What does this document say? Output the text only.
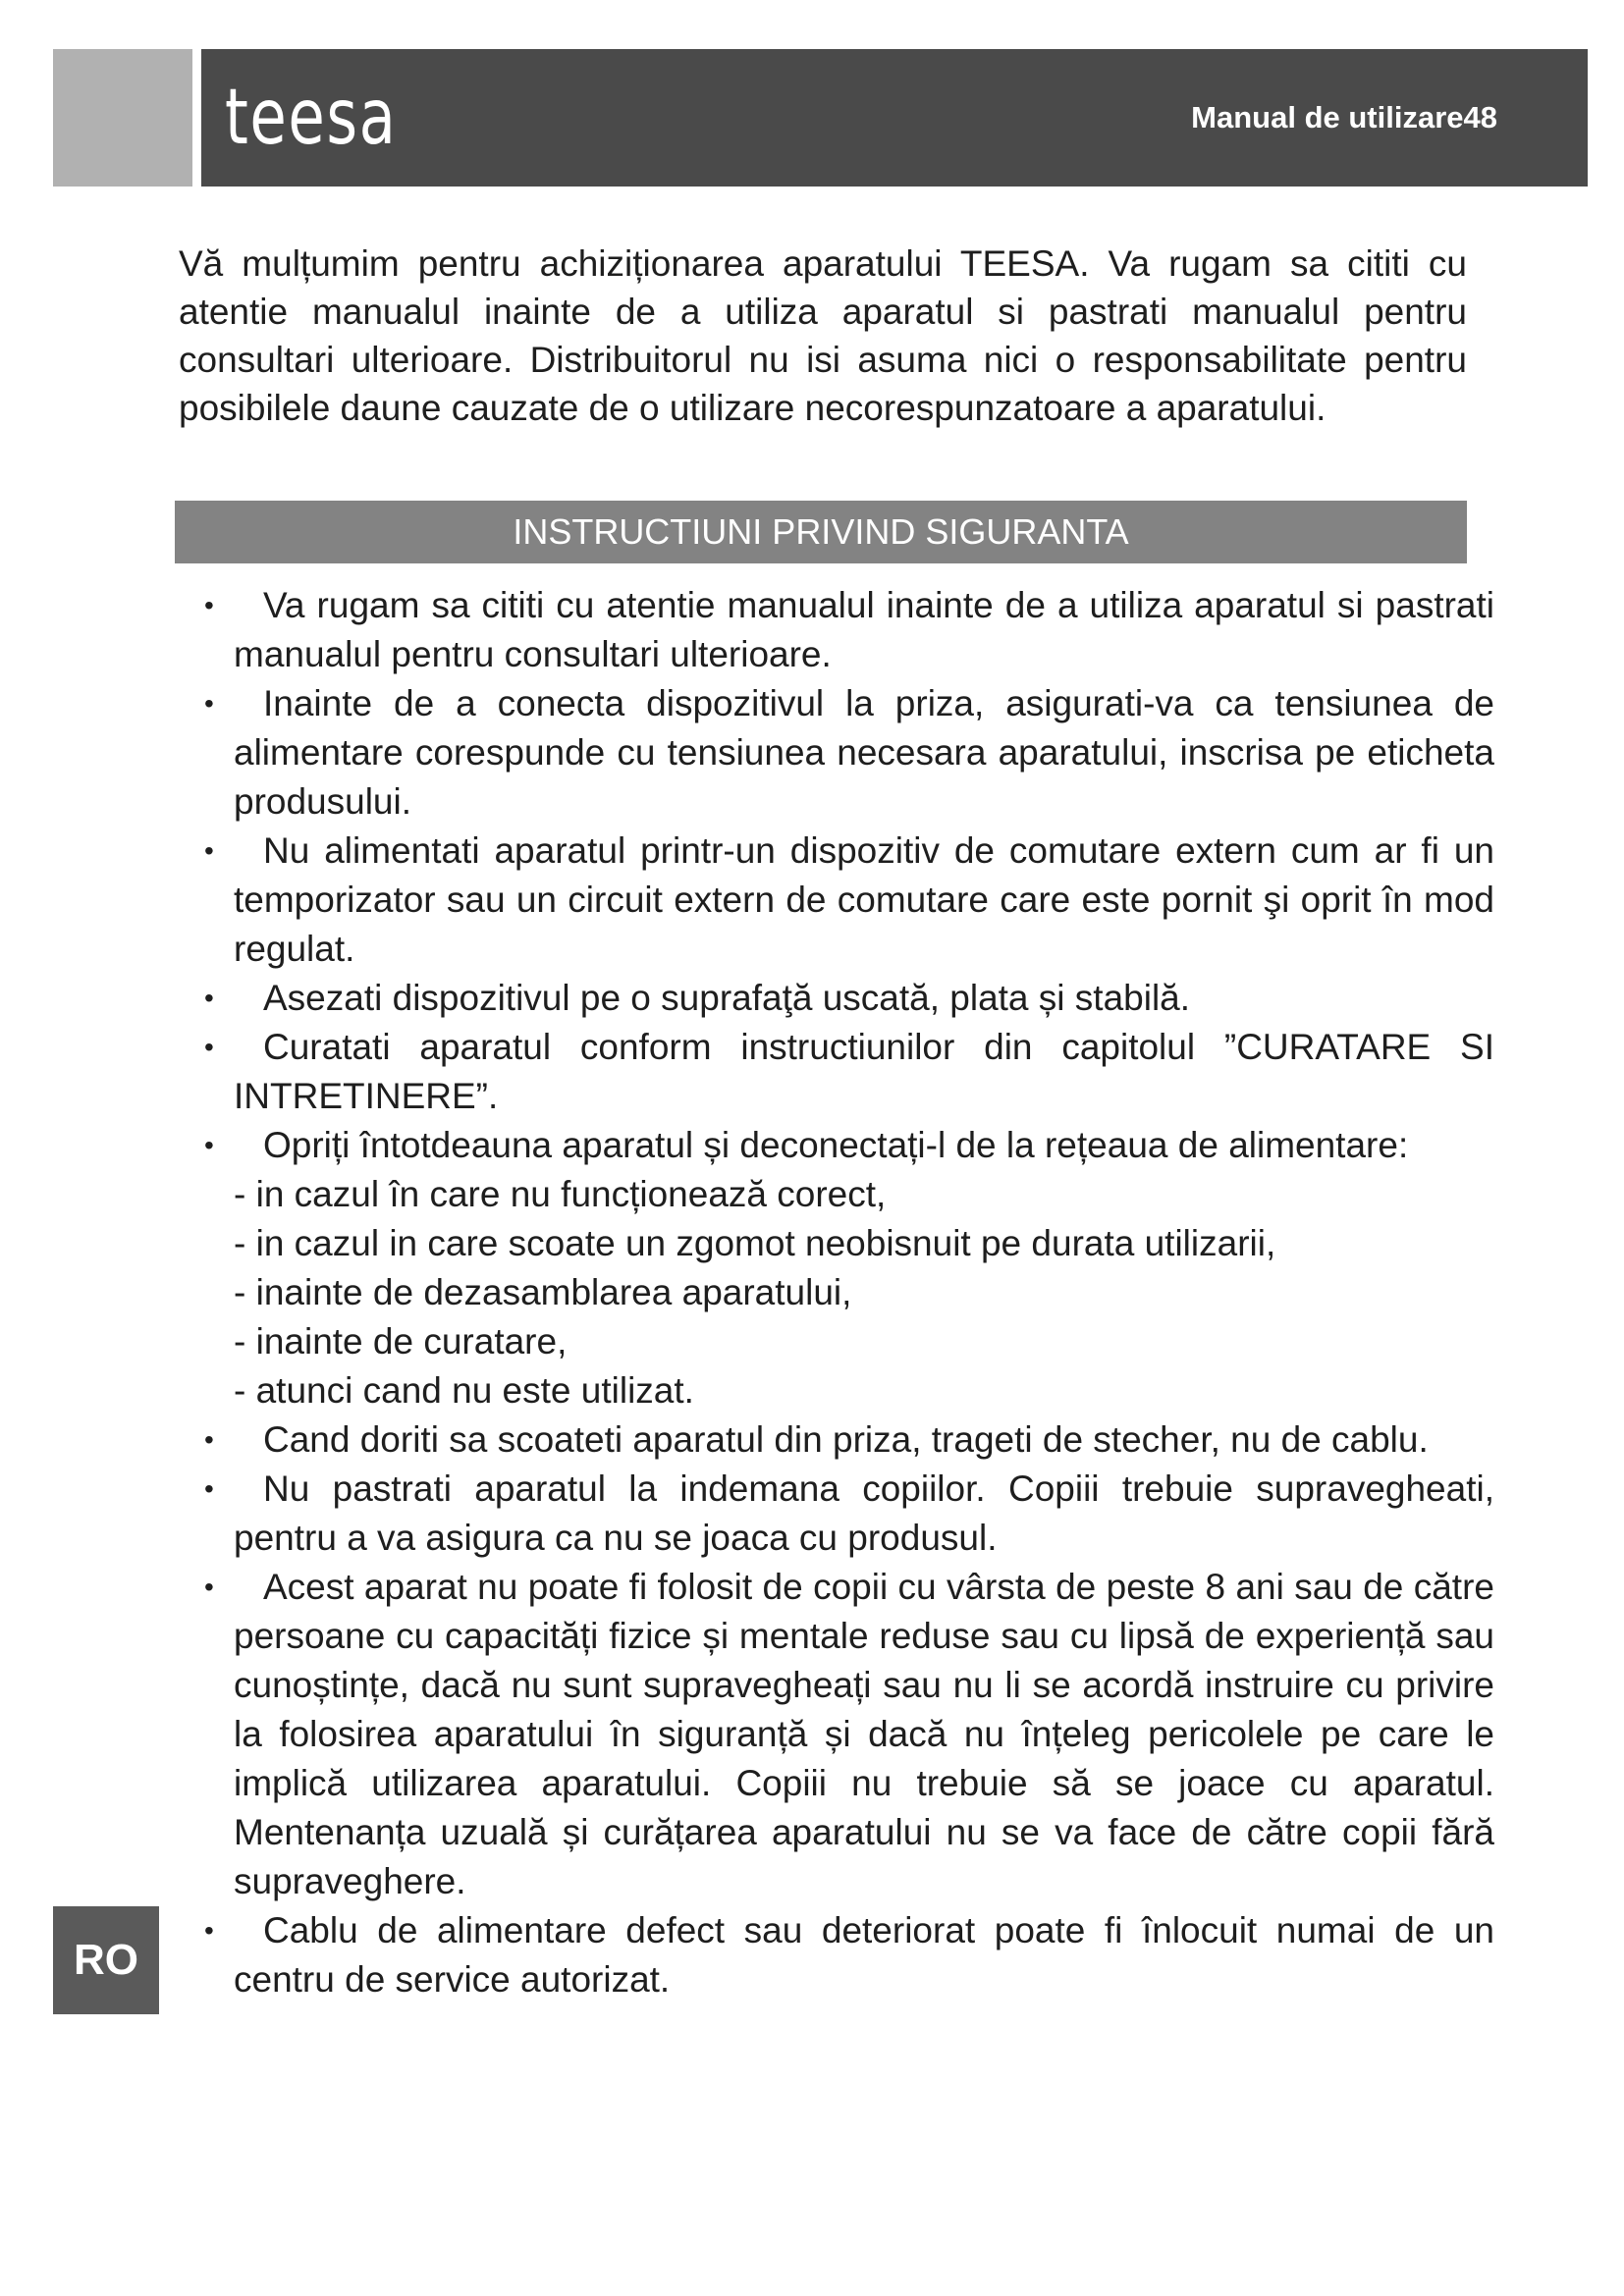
teesa	Manual de utilizare48

Vă mulțumim pentru achiziționarea aparatului TEESA. Va rugam sa cititi cu atentie manualul inainte de a utiliza aparatul si pastrati manualul pentru consultari ulterioare. Distribuitorul nu isi asuma nici o responsabilitate pentru posibilele daune cauzate de o utilizare necorespunzatoare a aparatului.

INSTRUCTIUNI PRIVIND SIGURANTA
• Va rugam sa cititi cu atentie manualul inainte de a utiliza aparatul si pastrati manualul pentru consultari ulterioare.
• Inainte de a conecta dispozitivul la priza, asigurati-va ca tensiunea de alimentare corespunde cu tensiunea necesara aparatului, inscrisa pe eticheta produsului.
• Nu alimentati aparatul printr-un dispozitiv de comutare extern cum ar fi un temporizator sau un circuit extern de comutare care este pornit şi oprit în mod regulat.
• Asezati dispozitivul pe o suprafaţă uscată, plata și stabilă.
• Curatati aparatul conform instructiunilor din capitolul ”CURATARE SI INTRETINERE”.
• Opriți întotdeauna aparatul și deconectați-l de la rețeaua de alimentare:
- in cazul în care nu funcționează corect,
- in cazul in care scoate un zgomot neobisnuit pe durata utilizarii,
- inainte de dezasamblarea aparatului,
- inainte de curatare,
- atunci cand nu este utilizat.
• Cand doriti sa scoateti aparatul din priza, trageti de stecher, nu de cablu.
• Nu pastrati aparatul la indemana copiilor. Copiii trebuie supravegheati, pentru a va asigura ca nu se joaca cu produsul.
• Acest aparat nu poate fi folosit de copii cu vârsta de peste 8 ani sau de către persoane cu capacități fizice și mentale reduse sau cu lipsă de experiență sau cunoștințe, dacă nu sunt supravegheați sau nu li se acordă instruire cu privire la folosirea aparatului în siguranță și dacă nu înțeleg pericolele pe care le implică utilizarea aparatului. Copiii nu trebuie să se joace cu aparatul. Mentenanța uzuală și curățarea aparatului nu se va face de către copii fără supraveghere.
• Cablu de alimentare defect sau deteriorat poate fi înlocuit numai de un centru de service autorizat.
RO
